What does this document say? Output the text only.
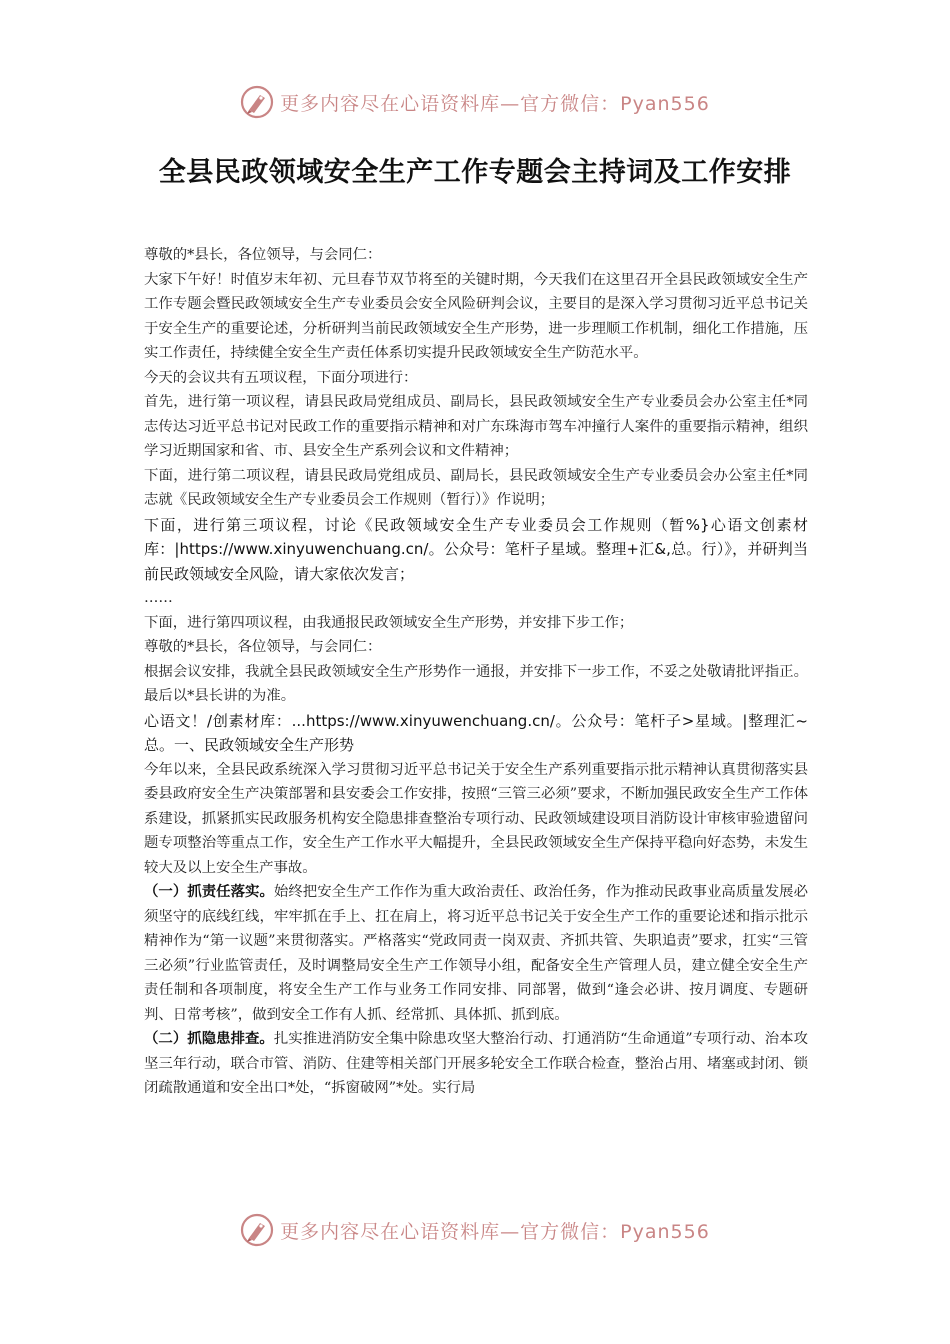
更多内容尽在心语资料库—官方微信：Pyan556
全县民政领域安全生产工作专题会主持词及工作安排

尊敬的*县长，各位领导，与会同仁：

大家下午好！时值岁末年初、元旦春节双节将至的关键时期，今天我们在这里召开全县民政领域安全生产工作专题会暨民政领域安全生产专业委员会安全风险研判会议，主要目的是深入学习贯彻习近平总书记关于安全生产的重要论述，分析研判当前民政领域安全生产形势，进一步理顺工作机制，细化工作措施，压实工作责任，持续健全安全生产责任体系切实提升民政领域安全生产防范水平。

今天的会议共有五项议程，下面分项进行：

首先，进行第一项议程，请县民政局党组成员、副局长，县民政领域安全生产专业委员会办公室主任*同志传达习近平总书记对民政工作的重要指示精神和对广东珠海市驾车冲撞行人案件的重要指示精神，组织学习近期国家和省、市、县安全生产系列会议和文件精神；

下面，进行第二项议程，请县民政局党组成员、副局长，县民政领域安全生产专业委员会办公室主任*同志就《民政领域安全生产专业委员会工作规则（暂行）》作说明；

下面，进行第三项议程，讨论《民政领域安全生产专业委员会工作规则（暂%}心语文创素材库：|https://www.xinyuwenchuang.cn/。公众号：笔杆子星域。整理+汇&,总。行）》，并研判当前民政领域安全风险，请大家依次发言；

……

下面，进行第四项议程，由我通报民政领域安全生产形势，并安排下步工作；

尊敬的*县长，各位领导，与会同仁：

根据会议安排，我就全县民政领域安全生产形势作一通报，并安排下一步工作，不妥之处敬请批评指正。最后以*县长讲的为准。

心语文！/创素材库：...https://www.xinyuwenchuang.cn/。公众号：笔杆子>星域。|整理汇~总。一、民政领域安全生产形势

今年以来，全县民政系统深入学习贯彻习近平总书记关于安全生产系列重要指示批示精神认真贯彻落实县委县政府安全生产决策部署和县安委会工作安排，按照“三管三必须”要求，不断加强民政安全生产工作体系建设，抓紧抓实民政服务机构安全隐患排查整治专项行动、民政领域建设项目消防设计审核审验遗留问题专项整治等重点工作，安全生产工作水平大幅提升，全县民政领域安全生产保持平稳向好态势，未发生较大及以上安全生产事故。

（一）抓责任落实。始终把安全生产工作作为重大政治责任、政治任务，作为推动民政事业高质量发展必须坚守的底线红线，牢牢抓在手上、扛在肩上，将习近平总书记关于安全生产工作的重要论述和指示批示精神作为“第一议题”来贯彻落实。严格落实“党政同责一岗双责、齐抓共管、失职追责”要求，扛实“三管三必须”行业监管责任，及时调整局安全生产工作领导小组，配备安全生产管理人员，建立健全安全生产责任制和各项制度，将安全生产工作与业务工作同安排、同部署，做到“逢会必讲、按月调度、专题研判、日常考核”，做到安全工作有人抓、经常抓、具体抓、抓到底。

（二）抓隐患排查。扎实推进消防安全集中除患攻坚大整治行动、打通消防“生命通道”专项行动、治本攻坚三年行动，联合市管、消防、住建等相关部门开展多轮安全工作联合检查，整治占用、堵塞或封闭、锁闭疏散通道和安全出口*处，“拆窗破网”*处。实行局

更多内容尽在心语资料库—官方微信：Pyan556
